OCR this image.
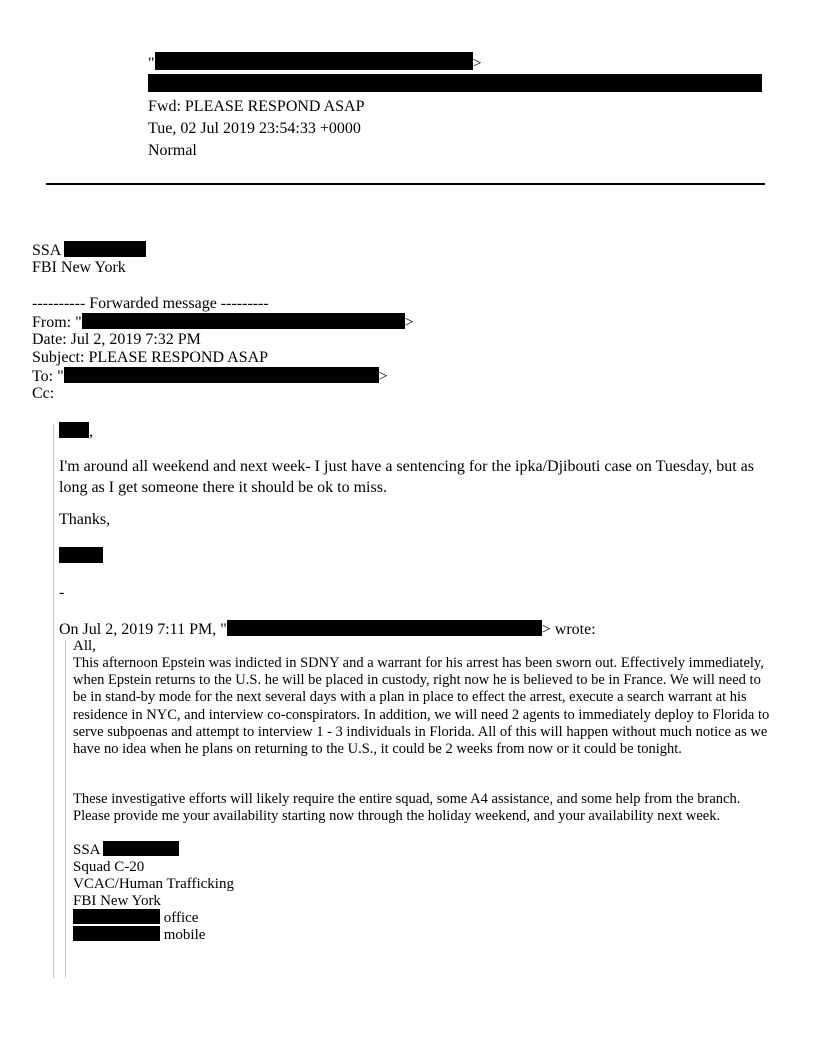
"	>
Fwd: PLEASE RESPOND ASAP
Tue, 02 Jul 2019 23:54:33 +0000
Normal
SSA
FBI New York
---------- Forwarded message ---------
From: "	>
Date: Jul 2, 2019 7:32 PM
Subject: PLEASE RESPOND ASAP
To: "	>
Cc:
,
I'm around all weekend and next week- I just have a sentencing for the ipka/Djibouti case on Tuesday, but as long as I get someone there it should be ok to miss.
Thanks,
-
On Jul 2, 2019 7:11 PM, "	> wrote:
All,
This afternoon Epstein was indicted in SDNY and a warrant for his arrest has been sworn out. Effectively immediately, when Epstein returns to the U.S. he will be placed in custody, right now he is believed to be in France. We will need to be in stand-by mode for the next several days with a plan in place to effect the arrest, execute a search warrant at his residence in NYC, and interview co-conspirators. In addition, we will need 2 agents to immediately deploy to Florida to serve subpoenas and attempt to interview 1 - 3 individuals in Florida. All of this will happen without much notice as we have no idea when he plans on returning to the U.S., it could be 2 weeks from now or it could be tonight.
These investigative efforts will likely require the entire squad, some A4 assistance, and some help from the branch. Please provide me your availability starting now through the holiday weekend, and your availability next week.
SSA
Squad C-20
VCAC/Human Trafficking
FBI New York
office
mobile
